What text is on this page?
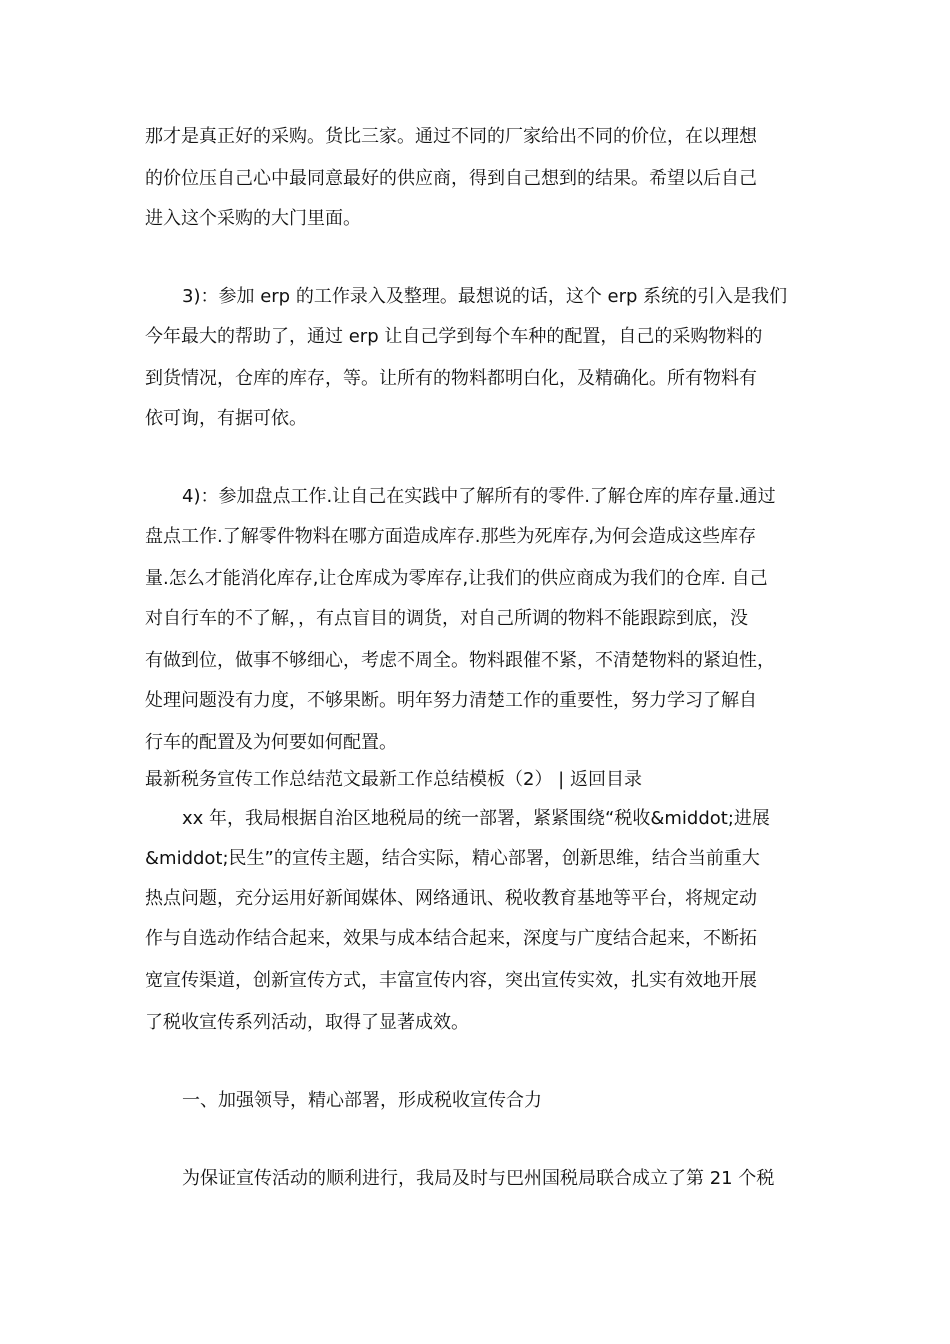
那才是真正好的采购。货比三家。通过不同的厂家给出不同的价位，在以理想

的价位压自己心中最同意最好的供应商，得到自己想到的结果。希望以后自己

进入这个采购的大门里面。

3)：参加 erp 的工作录入及整理。最想说的话，这个 erp 系统的引入是我们

今年最大的帮助了，通过 erp 让自己学到每个车种的配置，自己的采购物料的

到货情况，仓库的库存，等。让所有的物料都明白化，及精确化。所有物料有

依可询，有据可依。

4)：参加盘点工作.让自己在实践中了解所有的零件.了解仓库的库存量.通过

盘点工作.了解零件物料在哪方面造成库存.那些为死库存,为何会造成这些库存

量.怎么才能消化库存,让仓库成为零库存,让我们的供应商成为我们的仓库. 自己

对自行车的不了解，，有点盲目的调货，对自己所调的物料不能跟踪到底，没

有做到位，做事不够细心，考虑不周全。物料跟催不紧，不清楚物料的紧迫性，

处理问题没有力度，不够果断。明年努力清楚工作的重要性，努力学习了解自

行车的配置及为何要如何配置。

最新税务宣传工作总结范文最新工作总结模板（2） | 返回目录

xx 年，我局根据自治区地税局的统一部署，紧紧围绕“税收&middot;进展

&middot;民生”的宣传主题，结合实际，精心部署，创新思维，结合当前重大

热点问题，充分运用好新闻媒体、网络通讯、税收教育基地等平台，将规定动

作与自选动作结合起来，效果与成本结合起来，深度与广度结合起来，不断拓

宽宣传渠道，创新宣传方式，丰富宣传内容，突出宣传实效，扎实有效地开展

了税收宣传系列活动，取得了显著成效。

一、加强领导，精心部署，形成税收宣传合力

为保证宣传活动的顺利进行，我局及时与巴州国税局联合成立了第 21 个税
